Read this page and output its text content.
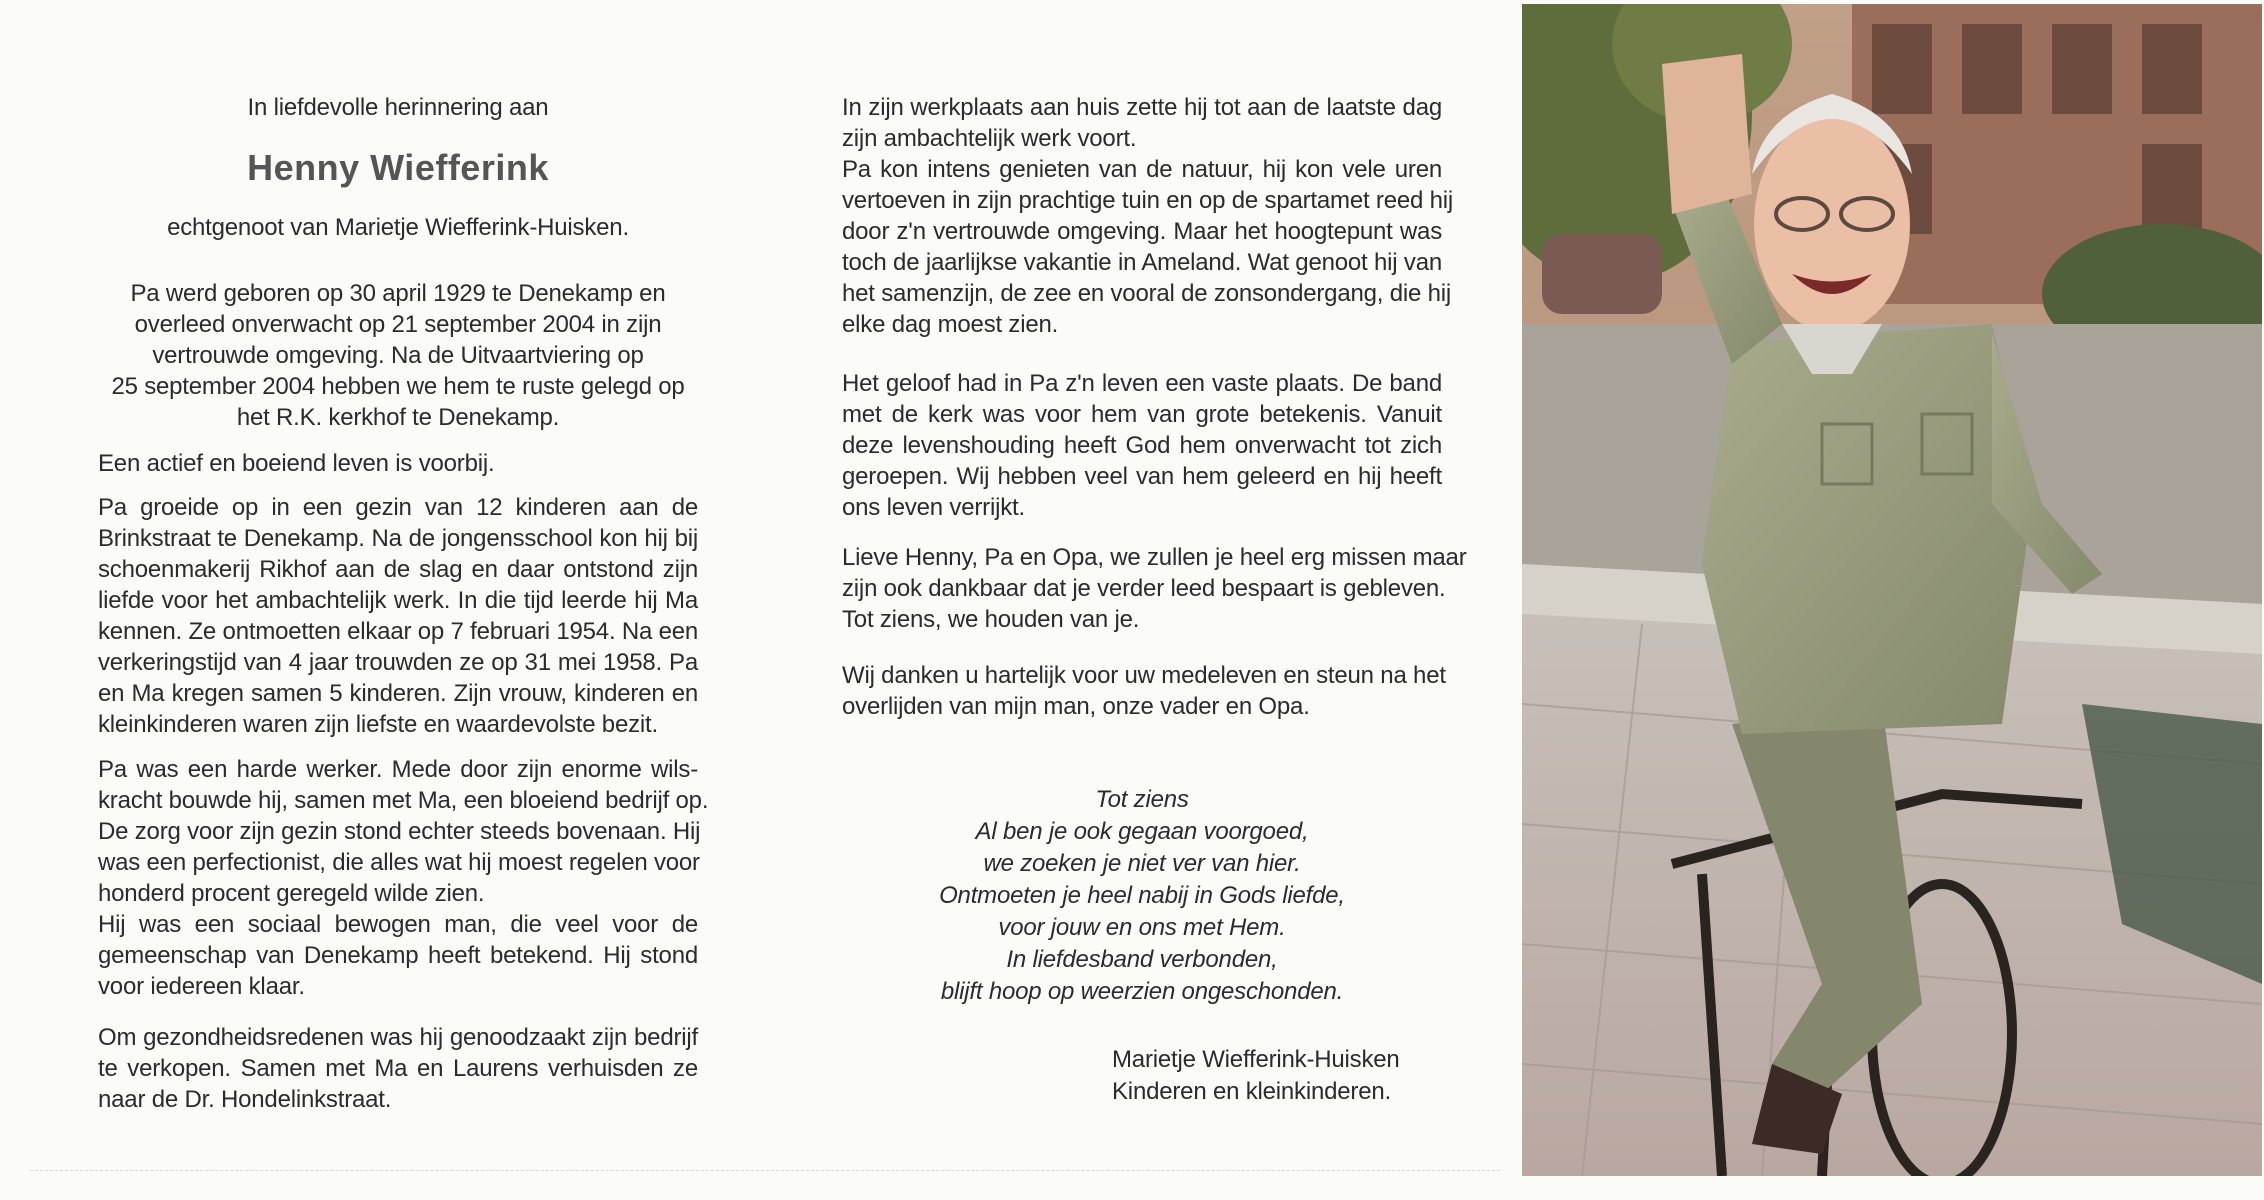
In liefdevolle herinnering aan
Henny Wiefferink
echtgenoot van Marietje Wiefferink-Huisken.
Pa werd geboren op 30 april 1929 te Denekamp en
overleed onverwacht op 21 september 2004 in zijn
vertrouwde omgeving. Na de Uitvaartviering op
25 september 2004 hebben we hem te ruste gelegd op
het R.K. kerkhof te Denekamp.
Een actief en boeiend leven is voorbij.
Pa groeide op in een gezin van 12 kinderen aan de
Brinkstraat te Denekamp. Na de jongensschool kon hij bij
schoenmakerij Rikhof aan de slag en daar ontstond zijn
liefde voor het ambachtelijk werk. In die tijd leerde hij Ma
kennen. Ze ontmoetten elkaar op 7 februari 1954. Na een
verkeringstijd van 4 jaar trouwden ze op 31 mei 1958. Pa
en Ma kregen samen 5 kinderen. Zijn vrouw, kinderen en
kleinkinderen waren zijn liefste en waardevolste bezit.
Pa was een harde werker. Mede door zijn enorme wils-
kracht bouwde hij, samen met Ma, een bloeiend bedrijf op.
De zorg voor zijn gezin stond echter steeds bovenaan. Hij
was een perfectionist, die alles wat hij moest regelen voor
honderd procent geregeld wilde zien.
Hij was een sociaal bewogen man, die veel voor de
gemeenschap van Denekamp heeft betekend. Hij stond
voor iedereen klaar.
Om gezondheidsredenen was hij genoodzaakt zijn bedrijf
te verkopen. Samen met Ma en Laurens verhuisden ze
naar de Dr. Hondelinkstraat.
In zijn werkplaats aan huis zette hij tot aan de laatste dag
zijn ambachtelijk werk voort.
Pa kon intens genieten van de natuur, hij kon vele uren
vertoeven in zijn prachtige tuin en op de spartamet reed hij
door z'n vertrouwde omgeving. Maar het hoogtepunt was
toch de jaarlijkse vakantie in Ameland. Wat genoot hij van
het samenzijn, de zee en vooral de zonsondergang, die hij
elke dag moest zien.
Het geloof had in Pa z'n leven een vaste plaats. De band
met de kerk was voor hem van grote betekenis. Vanuit
deze levenshouding heeft God hem onverwacht tot zich
geroepen. Wij hebben veel van hem geleerd en hij heeft
ons leven verrijkt.
Lieve Henny, Pa en Opa, we zullen je heel erg missen maar
zijn ook dankbaar dat je verder leed bespaart is gebleven.
Tot ziens, we houden van je.
Wij danken u hartelijk voor uw medeleven en steun na het
overlijden van mijn man, onze vader en Opa.
Tot ziens
Al ben je ook gegaan voorgoed,
we zoeken je niet ver van hier.
Ontmoeten je heel nabij in Gods liefde,
voor jouw en ons met Hem.
In liefdesband verbonden,
blijft hoop op weerzien ongeschonden.
Marietje Wiefferink-Huisken
Kinderen en kleinkinderen.
